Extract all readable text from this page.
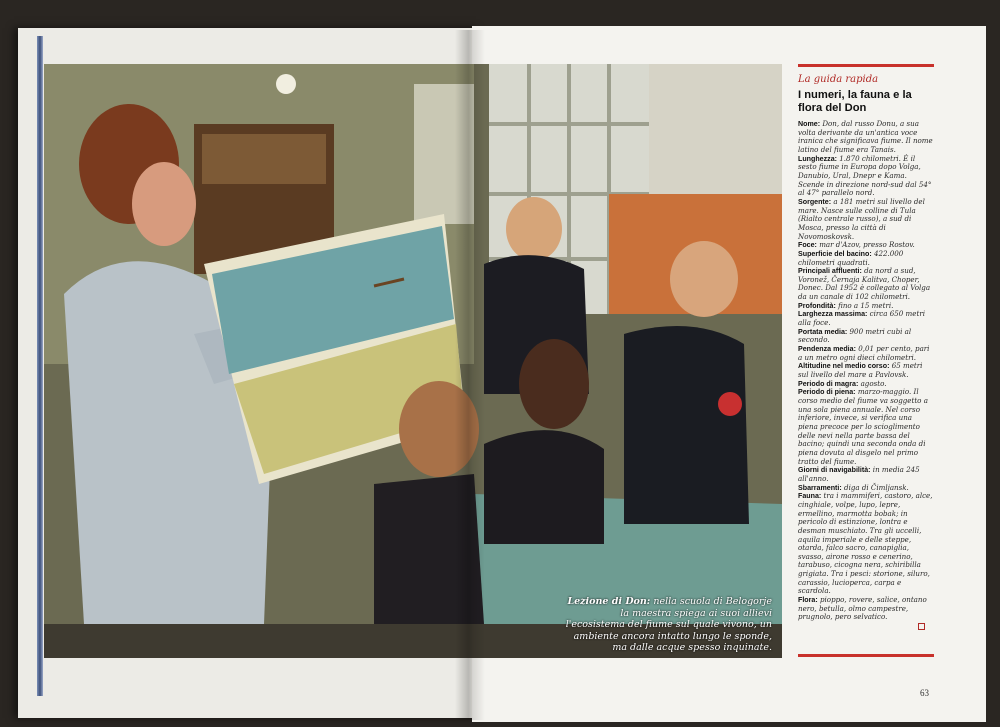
Lezione di Don: nella scuola di Belogorje la maestra spiega ai suoi allievi l'ecosistema del fiume sul quale vivono, un ambiente ancora intatto lungo le sponde, ma dalle acque spesso inquinate.
La guida rapida
I numeri, la fauna e la flora del Don

Nome: Don, dal russo Donu, a sua volta derivante da un'antica voce iranica che significava fiume. Il nome latino del fiume era Tanais.

Lunghezza: 1.870 chilometri. È il sesto fiume in Europa dopo Volga, Danubio, Ural, Dnepr e Kama. Scende in direzione nord-sud dal 54° al 47° parallelo nord.

Sorgente: a 181 metri sul livello del mare. Nasce sulle colline di Tula (Rialto centrale russo), a sud di Mosca, presso la città di Novomoskovsk.

Foce: mar d'Azov, presso Rostov.

Superficie del bacino: 422.000 chilometri quadrati.

Principali affluenti: da nord a sud, Voronež, Černaja Kalitva, Choper, Donec. Dal 1952 è collegato al Volga da un canale di 102 chilometri.

Profondità: fino a 15 metri.

Larghezza massima: circa 650 metri alla foce.

Portata media: 900 metri cubi al secondo.

Pendenza media: 0,01 per cento, pari a un metro ogni dieci chilometri.

Altitudine nel medio corso: 65 metri sul livello del mare a Pavlovsk.

Periodo di magra: agosto.

Periodo di piena: marzo-maggio. Il corso medio del fiume va soggetto a una sola piena annuale. Nel corso inferiore, invece, si verifica una piena precoce per lo scioglimento delle nevi nella parte bassa del bacino; quindi una seconda onda di piena dovuta al disgelo nel primo tratto del fiume.

Giorni di navigabilità: in media 245 all'anno.

Sbarramenti: diga di Čimljansk.

Fauna: tra i mammiferi, castoro, alce, cinghiale, volpe, lupo, lepre, ermellino, marmotta bobak; in pericolo di estinzione, lontra e desman muschiato. Tra gli uccelli, aquila imperiale e delle steppe, otarda, falco sacro, canapiglia, svasso, airone rosso e cenerino, tarabuso, cicogna nera, schiribilla grigiata. Tra i pesci: storione, siluro, carassio, lucioperca, carpa e scardola.

Flora: pioppo, rovere, salice, ontano nero, betulla, olmo campestre, prugnolo, pero selvatico.

63
